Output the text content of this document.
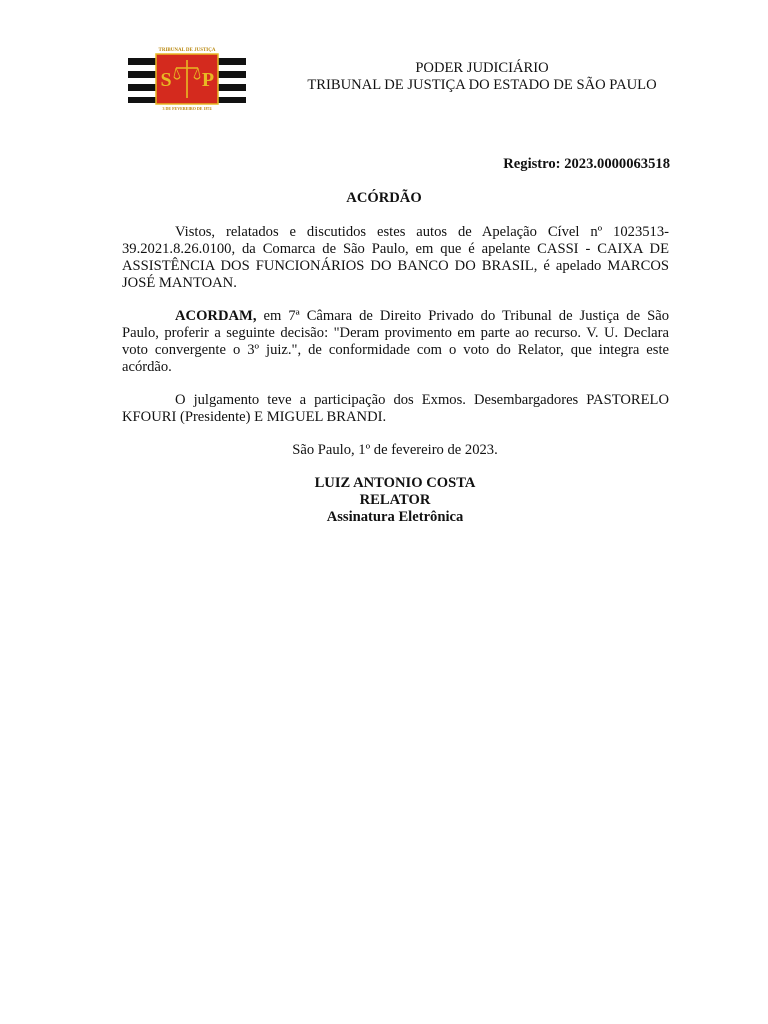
S P
TRIBUNAL DE JUSTIÇA
3 DE FEVEREIRO DE 1874
PODER JUDICIÁRIO
TRIBUNAL DE JUSTIÇA DO ESTADO DE SÃO PAULO
Registro: 2023.0000063518
ACÓRDÃO
Vistos, relatados e discutidos estes autos de Apelação Cível nº 1023513-39.2021.8.26.0100, da Comarca de São Paulo, em que é apelante CASSI - CAIXA DE ASSISTÊNCIA DOS FUNCIONÁRIOS DO BANCO DO BRASIL, é apelado MARCOS JOSÉ MANTOAN.
ACORDAM, em 7ª Câmara de Direito Privado do Tribunal de Justiça de São Paulo, proferir a seguinte decisão: "Deram provimento em parte ao recurso. V. U. Declara voto convergente o 3º juiz.", de conformidade com o voto do Relator, que integra este acórdão.
O julgamento teve a participação dos Exmos. Desembargadores PASTORELO KFOURI (Presidente) E MIGUEL BRANDI.
São Paulo, 1º de fevereiro de 2023.
LUIZ ANTONIO COSTA
RELATOR
Assinatura Eletrônica
